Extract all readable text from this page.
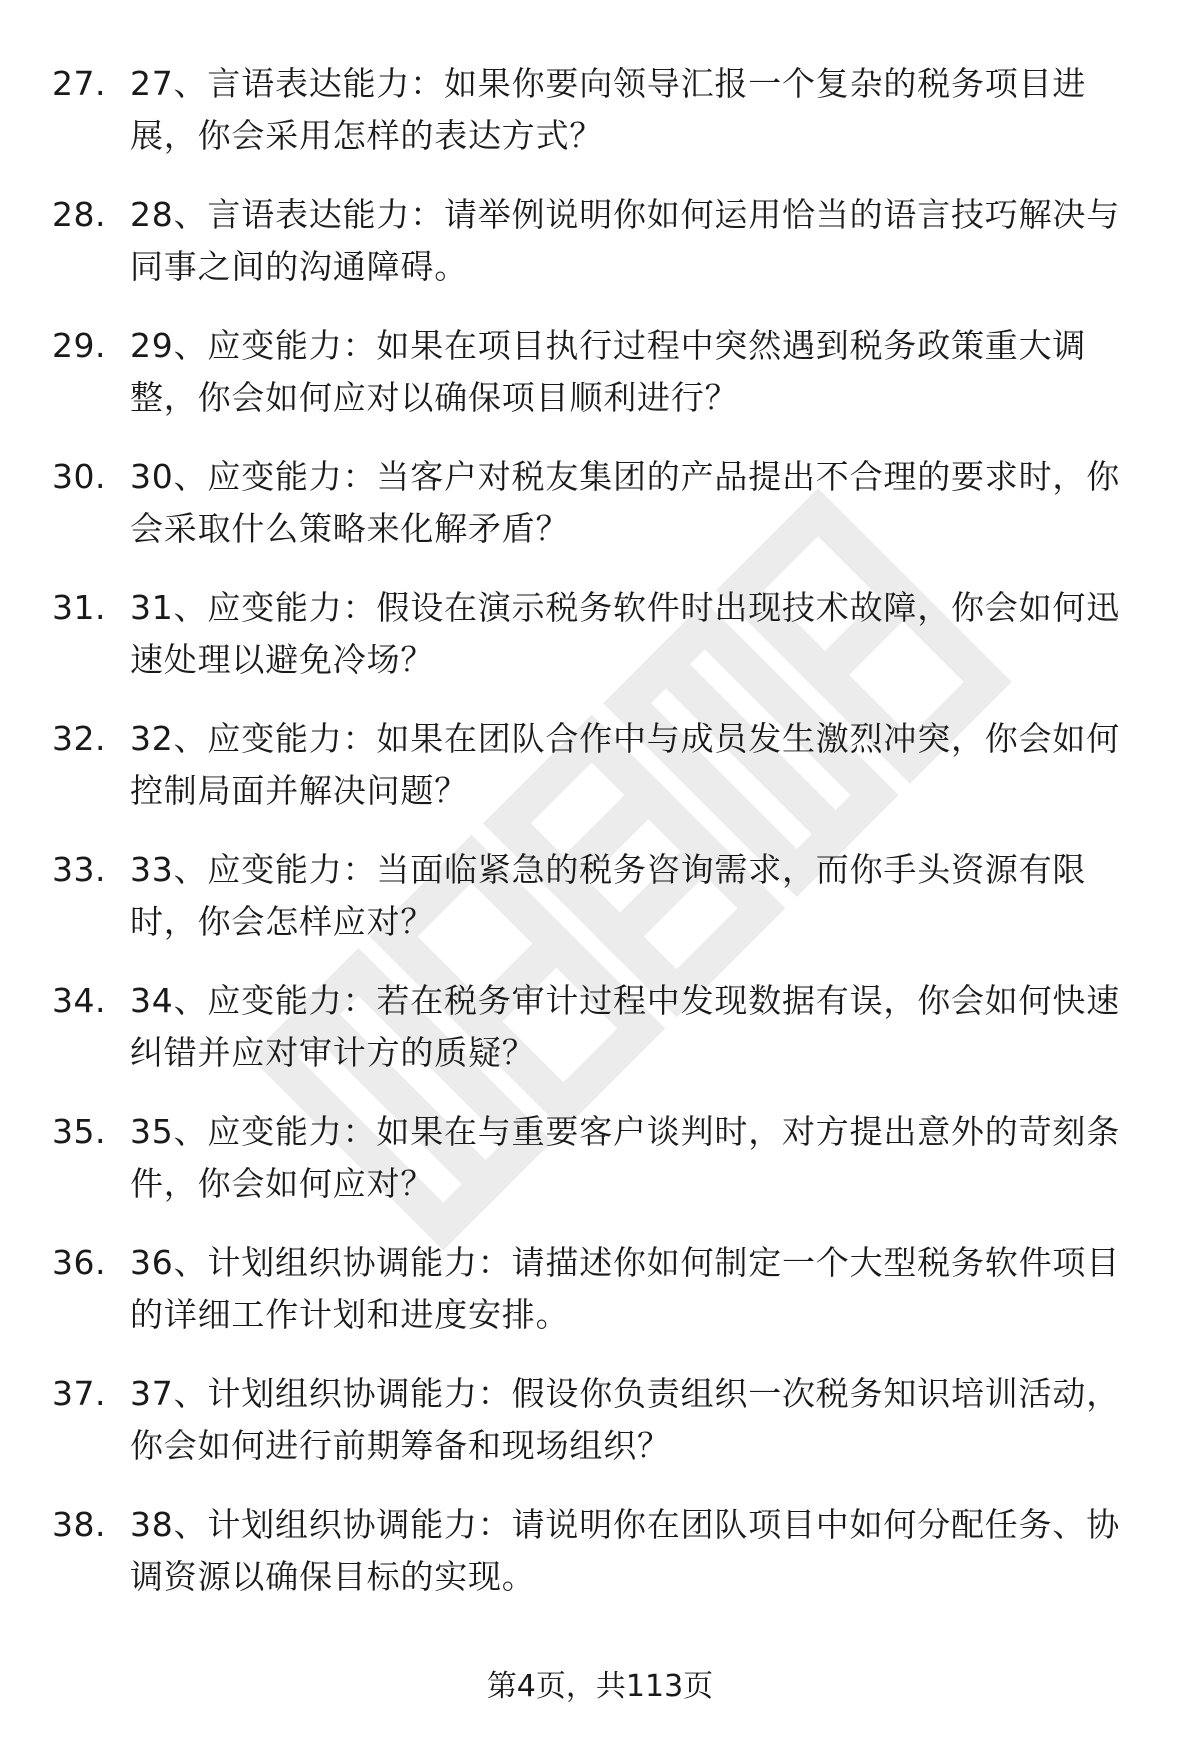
27. 27、言语表达能力：如果你要向领导汇报一个复杂的税务项目进展，你会采用怎样的表达方式？
28. 28、言语表达能力：请举例说明你如何运用恰当的语言技巧解决与同事之间的沟通障碍。
29. 29、应变能力：如果在项目执行过程中突然遇到税务政策重大调整，你会如何应对以确保项目顺利进行？
30. 30、应变能力：当客户对税友集团的产品提出不合理的要求时，你会采取什么策略来化解矛盾？
31. 31、应变能力：假设在演示税务软件时出现技术故障，你会如何迅速处理以避免冷场？
32. 32、应变能力：如果在团队合作中与成员发生激烈冲突，你会如何控制局面并解决问题？
33. 33、应变能力：当面临紧急的税务咨询需求，而你手头资源有限时，你会怎样应对？
34. 34、应变能力：若在税务审计过程中发现数据有误，你会如何快速纠错并应对审计方的质疑？
35. 35、应变能力：如果在与重要客户谈判时，对方提出意外的苛刻条件，你会如何应对？
36. 36、计划组织协调能力：请描述你如何制定一个大型税务软件项目的详细工作计划和进度安排。
37. 37、计划组织协调能力：假设你负责组织一次税务知识培训活动，你会如何进行前期筹备和现场组织？
38. 38、计划组织协调能力：请说明你在团队项目中如何分配任务、协调资源以确保目标的实现。
第4页，共113页
